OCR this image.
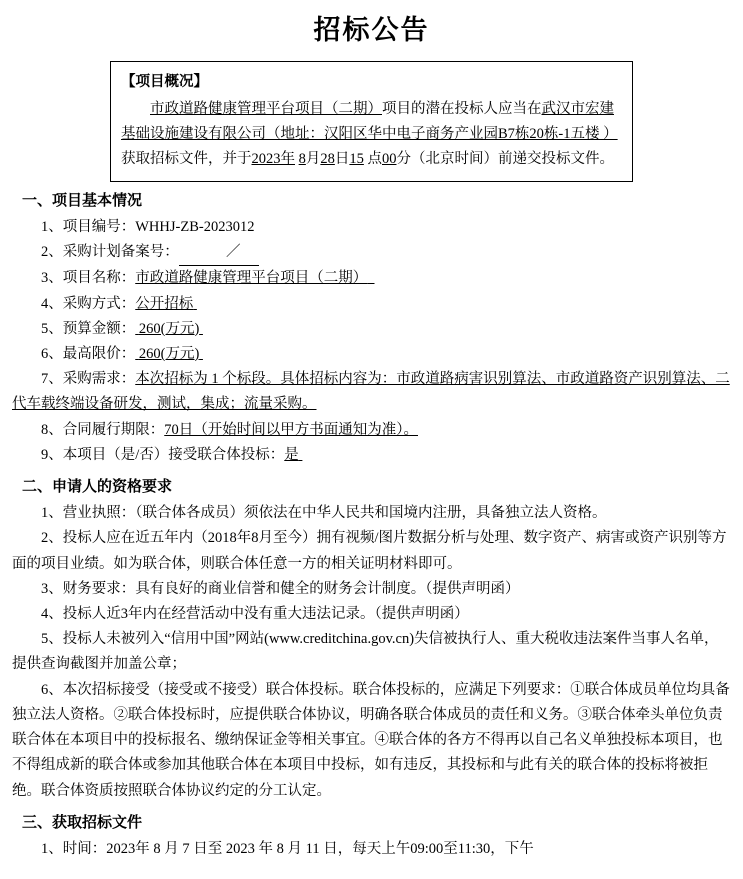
招标公告
【项目概况】
市政道路健康管理平台项目（二期）项目的潜在投标人应当在武汉市宏建基础设施建设有限公司（地址：汉阳区华中电子商务产业园B7栋20栋-1五楼 ）获取招标文件，并于2023年 8月28日15 点00分（北京时间）前递交投标文件。
一、项目基本情况

1、项目编号：WHHJ-ZB-2023012

2、采购计划备案号：	／

3、项目名称：市政道路健康管理平台项目（二期）

4、采购方式：公开招标

5、预算金额： 260(万元)

6、最高限价： 260(万元)

7、采购需求：本次招标为 1 个标段。具体招标内容为：市政道路病害识别算法、市政道路资产识别算法、二代车载终端设备研发，测试，集成；流量采购。

8、合同履行期限：70日（开始时间以甲方书面通知为准）。

9、本项目（是/否）接受联合体投标：是

二、申请人的资格要求

1、营业执照：（联合体各成员）须依法在中华人民共和国境内注册，具备独立法人资格。

2、投标人应在近五年内（2018年8月至今）拥有视频/图片数据分析与处理、数字资产、病害或资产识别等方面的项目业绩。如为联合体，则联合体任意一方的相关证明材料即可。

3、财务要求：具有良好的商业信誉和健全的财务会计制度。（提供声明函）

4、投标人近3年内在经营活动中没有重大违法记录。（提供声明函）

5、投标人未被列入“信用中国”网站(www.creditchina.gov.cn)失信被执行人、重大税收违法案件当事人名单，提供查询截图并加盖公章；

6、本次招标接受（接受或不接受）联合体投标。联合体投标的，应满足下列要求：①联合体成员单位均具备独立法人资格。②联合体投标时，应提供联合体协议，明确各联合体成员的责任和义务。③联合体牵头单位负责联合体在本项目中的投标报名、缴纳保证金等相关事宜。④联合体的各方不得再以自己名义单独投标本项目，也不得组成新的联合体或参加其他联合体在本项目中投标，如有违反，其投标和与此有关的联合体的投标将被拒绝。联合体资质按照联合体协议约定的分工认定。

三、获取招标文件

1、时间：2023年 8 月 7 日至 2023 年 8 月 11 日，每天上午09:00至11:30，下午
